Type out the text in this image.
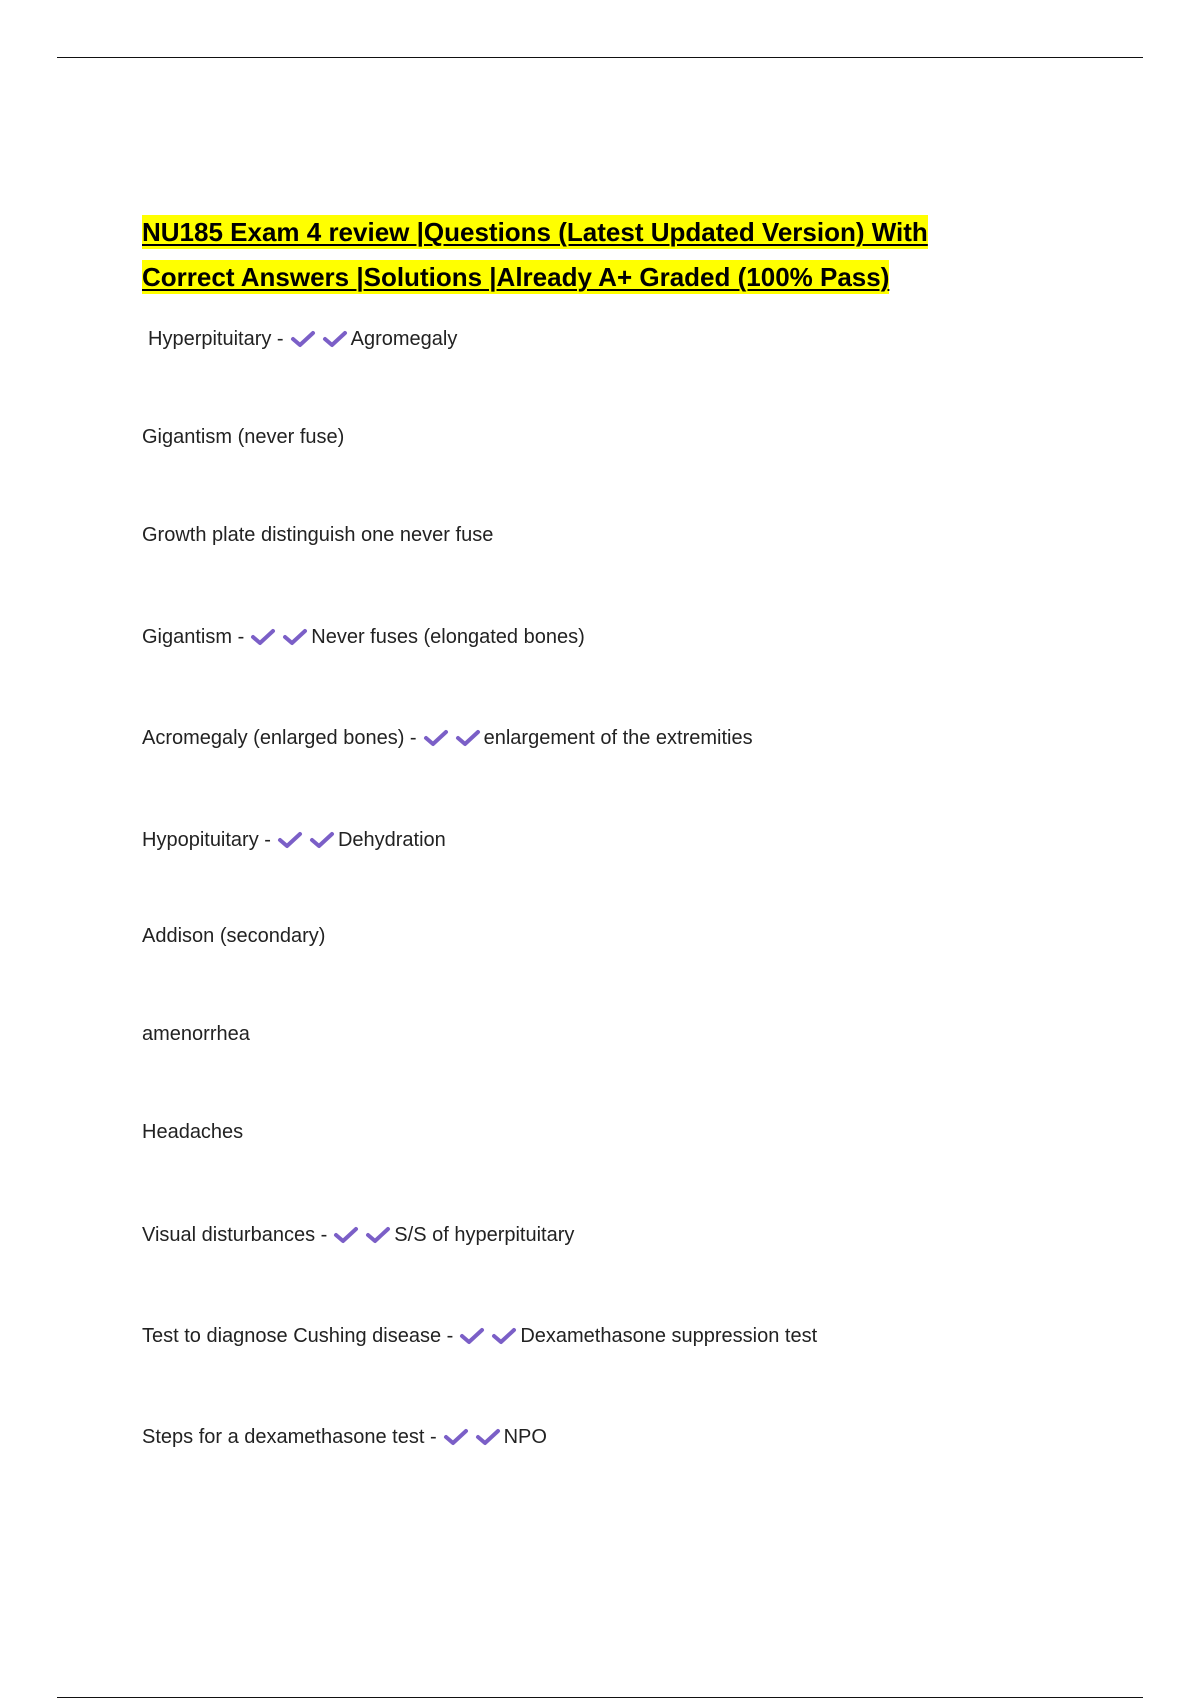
NU185 Exam 4 review |Questions (Latest Updated Version) With
Correct Answers |Solutions |Already A+ Graded (100% Pass)
Hyperpituitary -	Agromegaly
Gigantism (never fuse)
Growth plate distinguish one never fuse
Gigantism -	Never fuses (elongated bones)
Acromegaly (enlarged bones) -	enlargement of the extremities
Hypopituitary -	Dehydration
Addison (secondary)
amenorrhea
Headaches
Visual disturbances -	S/S of hyperpituitary
Test to diagnose Cushing disease -	Dexamethasone suppression test
Steps for a dexamethasone test -	NPO
